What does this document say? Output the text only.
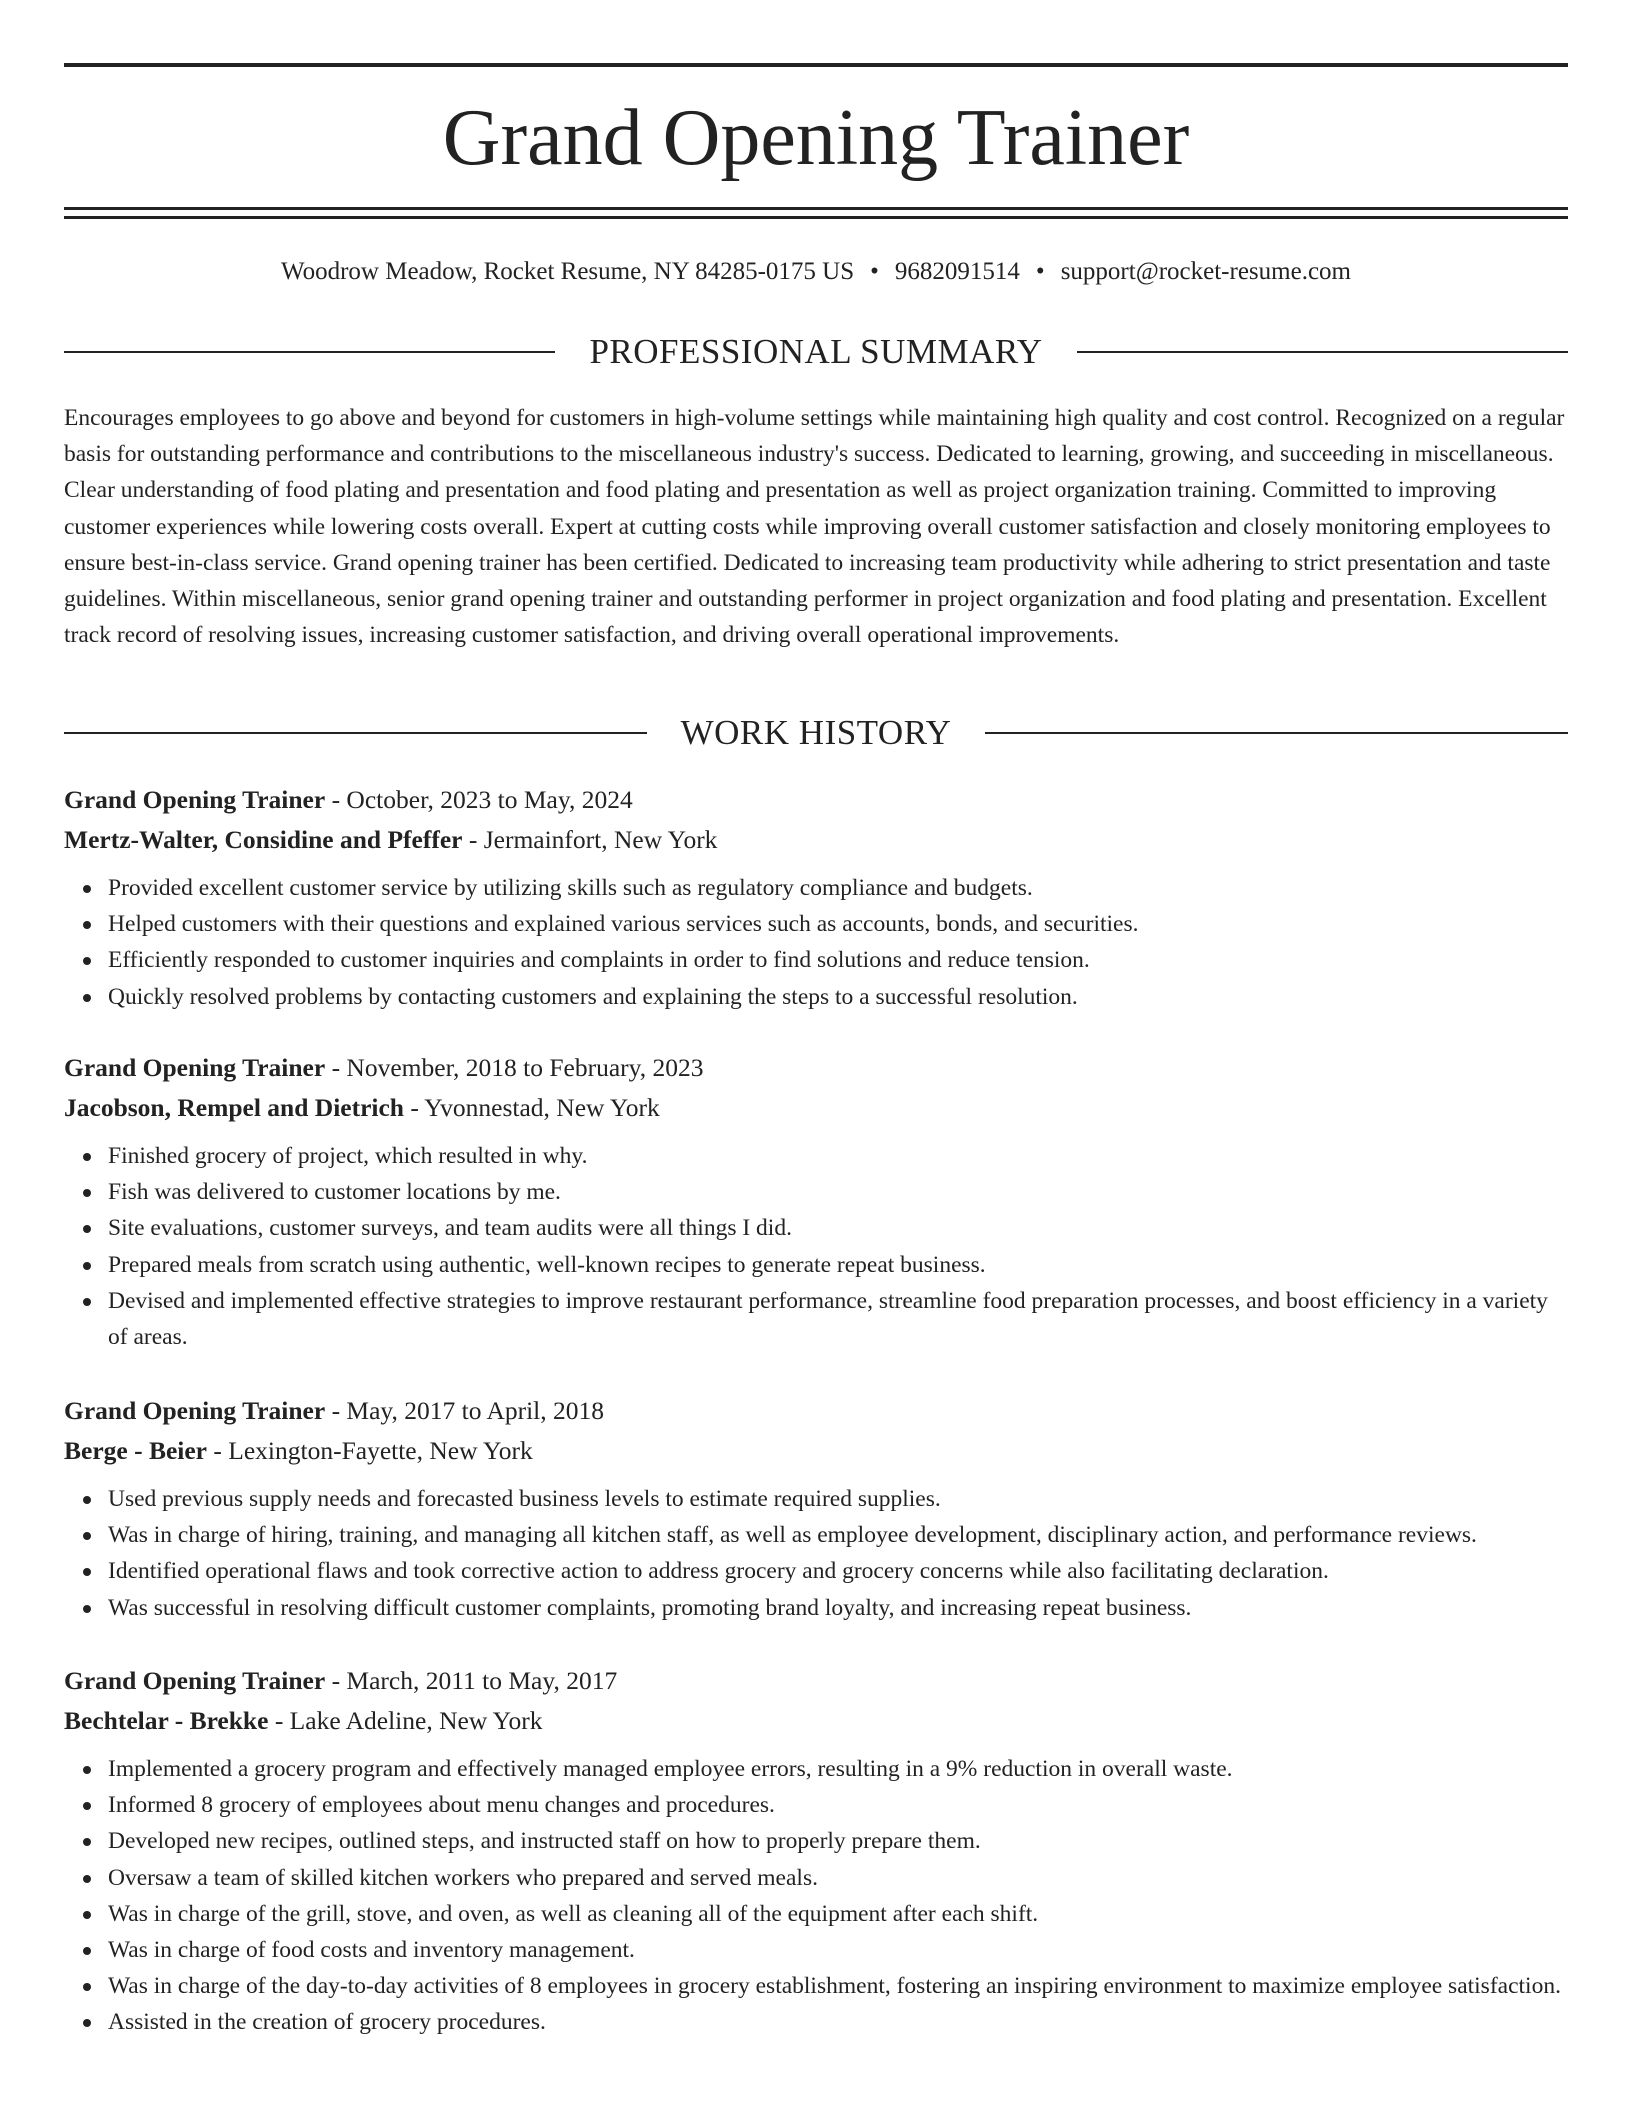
Grand Opening Trainer
Woodrow Meadow, Rocket Resume, NY 84285-0175 US • 9682091514 • support@rocket-resume.com
PROFESSIONAL SUMMARY

Encourages employees to go above and beyond for customers in high-volume settings while maintaining high quality and cost control. Recognized on a regular basis for outstanding performance and contributions to the miscellaneous industry's success. Dedicated to learning, growing, and succeeding in miscellaneous. Clear understanding of food plating and presentation and food plating and presentation as well as project organization training. Committed to improving customer experiences while lowering costs overall. Expert at cutting costs while improving overall customer satisfaction and closely monitoring employees to ensure best-in-class service. Grand opening trainer has been certified. Dedicated to increasing team productivity while adhering to strict presentation and taste guidelines. Within miscellaneous, senior grand opening trainer and outstanding performer in project organization and food plating and presentation. Excellent track record of resolving issues, increasing customer satisfaction, and driving overall operational improvements.

WORK HISTORY
Grand Opening Trainer - October, 2023 to May, 2024
Mertz-Walter, Considine and Pfeffer - Jermainfort, New York
Provided excellent customer service by utilizing skills such as regulatory compliance and budgets.
Helped customers with their questions and explained various services such as accounts, bonds, and securities.
Efficiently responded to customer inquiries and complaints in order to find solutions and reduce tension.
Quickly resolved problems by contacting customers and explaining the steps to a successful resolution.
Grand Opening Trainer - November, 2018 to February, 2023
Jacobson, Rempel and Dietrich - Yvonnestad, New York
Finished grocery of project, which resulted in why.
Fish was delivered to customer locations by me.
Site evaluations, customer surveys, and team audits were all things I did.
Prepared meals from scratch using authentic, well-known recipes to generate repeat business.
Devised and implemented effective strategies to improve restaurant performance, streamline food preparation processes, and boost efficiency in a variety of areas.
Grand Opening Trainer - May, 2017 to April, 2018
Berge - Beier - Lexington-Fayette, New York
Used previous supply needs and forecasted business levels to estimate required supplies.
Was in charge of hiring, training, and managing all kitchen staff, as well as employee development, disciplinary action, and performance reviews.
Identified operational flaws and took corrective action to address grocery and grocery concerns while also facilitating declaration.
Was successful in resolving difficult customer complaints, promoting brand loyalty, and increasing repeat business.
Grand Opening Trainer - March, 2011 to May, 2017
Bechtelar - Brekke - Lake Adeline, New York
Implemented a grocery program and effectively managed employee errors, resulting in a 9% reduction in overall waste.
Informed 8 grocery of employees about menu changes and procedures.
Developed new recipes, outlined steps, and instructed staff on how to properly prepare them.
Oversaw a team of skilled kitchen workers who prepared and served meals.
Was in charge of the grill, stove, and oven, as well as cleaning all of the equipment after each shift.
Was in charge of food costs and inventory management.
Was in charge of the day-to-day activities of 8 employees in grocery establishment, fostering an inspiring environment to maximize employee satisfaction.
Assisted in the creation of grocery procedures.
